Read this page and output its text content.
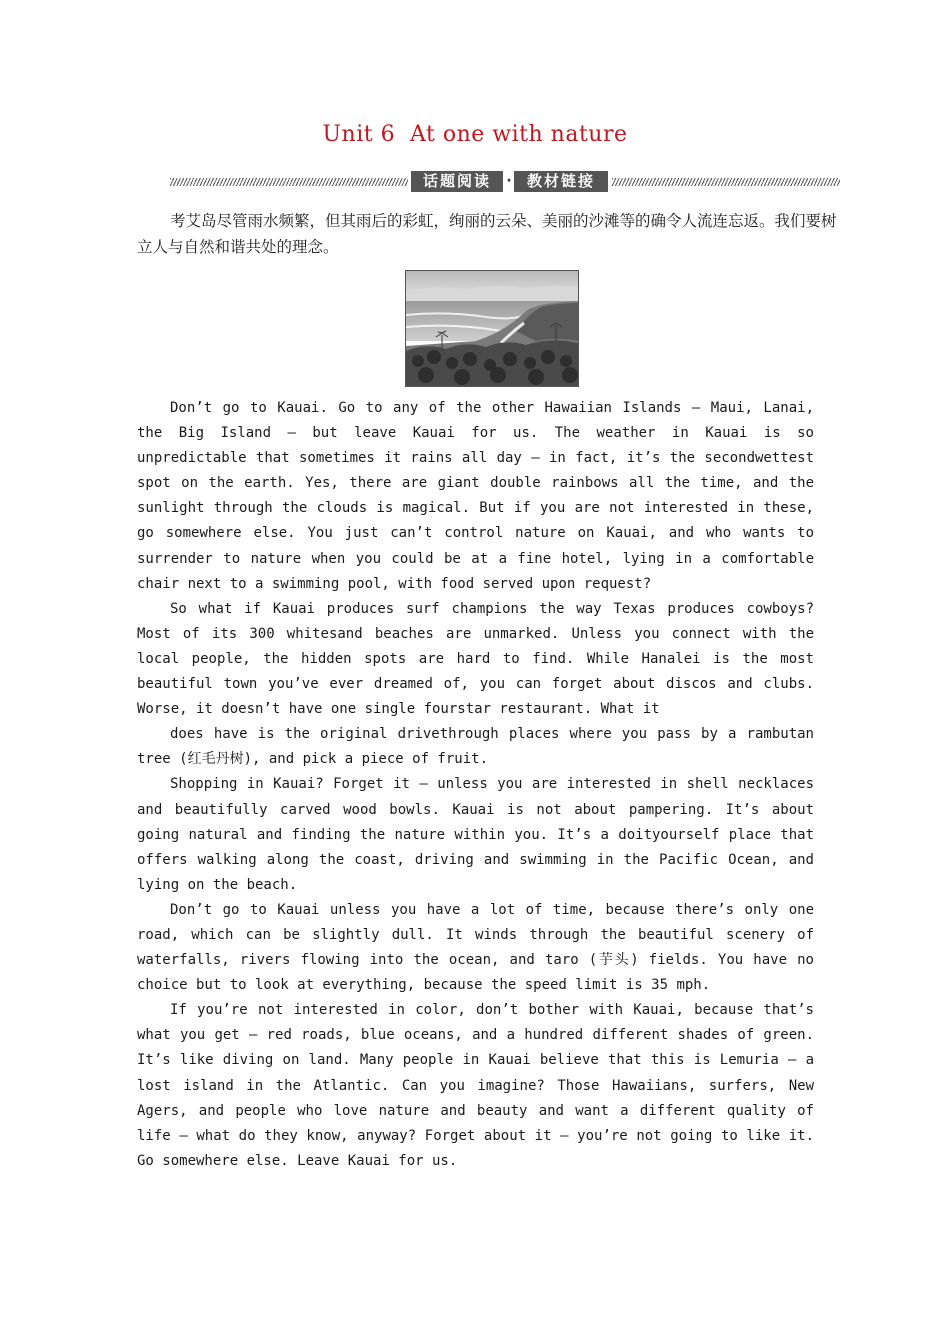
Unit 6  At one with nature
话题阅读	·	教材链接

考艾岛尽管雨水频繁，但其雨后的彩虹，绚丽的云朵、美丽的沙滩等的确令人流连忘返。我们要树立人与自然和谐共处的理念。

Don’t go to Kauai. Go to any of the other Hawaiian Islands — Maui, Lanai, the Big Island — but leave Kauai for us. The weather in Kauai is so unpredictable that sometimes it rains all day — in fact, it’s the secondwettest spot on the earth. Yes, there are giant double rainbows all the time, and the sunlight through the clouds is magical. But if you are not interested in these, go somewhere else. You just can’t control nature on Kauai, and who wants to surrender to nature when you could be at a fine hotel, lying in a comfortable chair next to a swimming pool, with food served upon request?

So what if Kauai produces surf champions the way Texas produces cowboys? Most of its 300 whitesand beaches are unmarked. Unless you connect with the local people, the hidden spots are hard to find. While Hanalei is the most beautiful town you’ve ever dreamed of, you can forget about discos and clubs. Worse, it doesn’t have one single fourstar restaurant. What it

does have is the original drivethrough places where you pass by a rambutan tree (红毛丹树), and pick a piece of fruit.

Shopping in Kauai? Forget it — unless you are interested in shell necklaces and beautifully carved wood bowls. Kauai is not about pampering. It’s about going natural and finding the nature within you. It’s a doityourself place that offers walking along the coast, driving and swimming in the Pacific Ocean, and lying on the beach.

Don’t go to Kauai unless you have a lot of time, because there’s only one road, which can be slightly dull. It winds through the beautiful scenery of waterfalls, rivers flowing into the ocean, and taro (芋头) fields. You have no choice but to look at everything, because the speed limit is 35 mph.

If you’re not interested in color, don’t bother with Kauai, because that’s what you get — red roads, blue oceans, and a hundred different shades of green. It’s like diving on land. Many people in Kauai believe that this is Lemuria — a lost island in the Atlantic. Can you imagine? Those Hawaiians, surfers, New Agers, and people who love nature and beauty and want a different quality of life — what do they know, anyway? Forget about it — you’re not going to like it. Go somewhere else. Leave Kauai for us.
